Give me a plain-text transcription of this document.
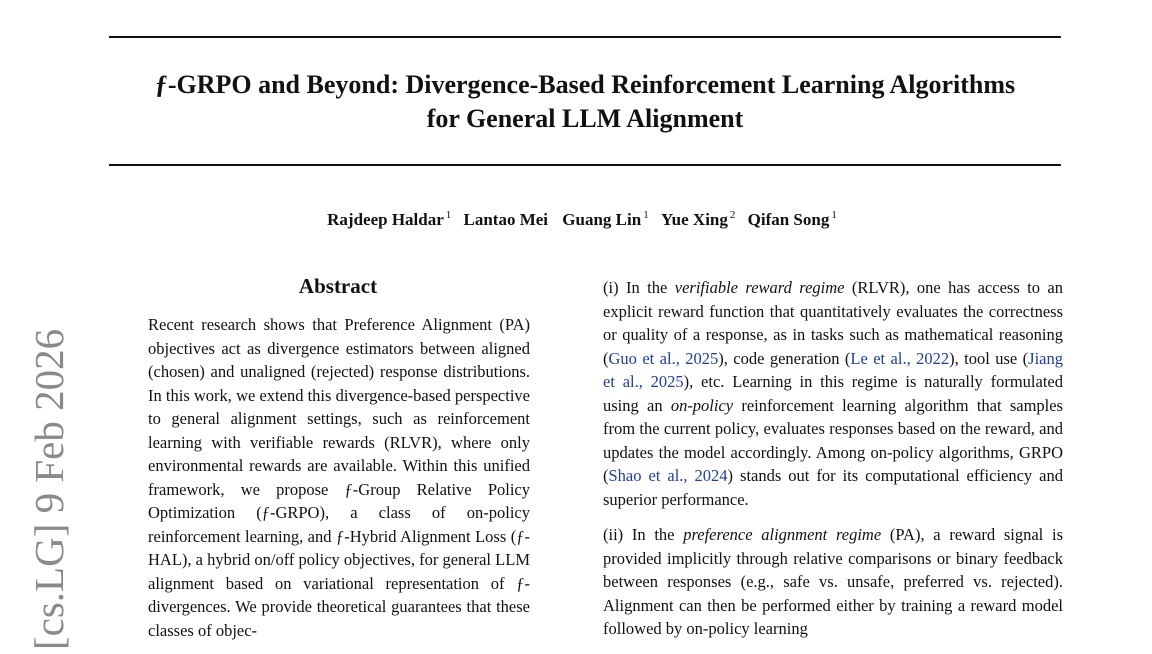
ƒ-GRPO and Beyond: Divergence-Based Reinforcement Learning Algorithms
for General LLM Alignment
Rajdeep Haldar $^1$ Lantao Mei Guang Lin $^1$ Yue Xing $^2$ Qifan Song $^1$
[cs.LG] 9 Feb 2026
Abstract

Recent research shows that Preference Alignment (PA) objectives act as divergence estimators between aligned (chosen) and unaligned (rejected) response distributions. In this work, we extend this divergence-based perspective to general alignment settings, such as reinforcement learning with verifiable rewards (RLVR), where only environmental rewards are available. Within this unified framework, we propose ƒ-Group Relative Policy Optimization (ƒ-GRPO), a class of on-policy reinforcement learning, and ƒ-Hybrid Alignment Loss (ƒ-HAL), a hybrid on/off policy objectives, for general LLM alignment based on variational representation of ƒ-divergences. We provide theoretical guarantees that these classes of objec-

(i) In the verifiable reward regime (RLVR), one has access to an explicit reward function that quantitatively evaluates the correctness or quality of a response, as in tasks such as mathematical reasoning (Guo et al., 2025), code generation (Le et al., 2022), tool use (Jiang et al., 2025), etc. Learning in this regime is naturally formulated using an on-policy reinforcement learning algorithm that samples from the current policy, evaluates responses based on the reward, and updates the model accordingly. Among on-policy algorithms, GRPO (Shao et al., 2024) stands out for its computational efficiency and superior performance.

(ii) In the preference alignment regime (PA), a reward signal is provided implicitly through relative comparisons or binary feedback between responses (e.g., safe vs. unsafe, preferred vs. rejected). Alignment can then be performed either by training a reward model followed by on-policy learning
